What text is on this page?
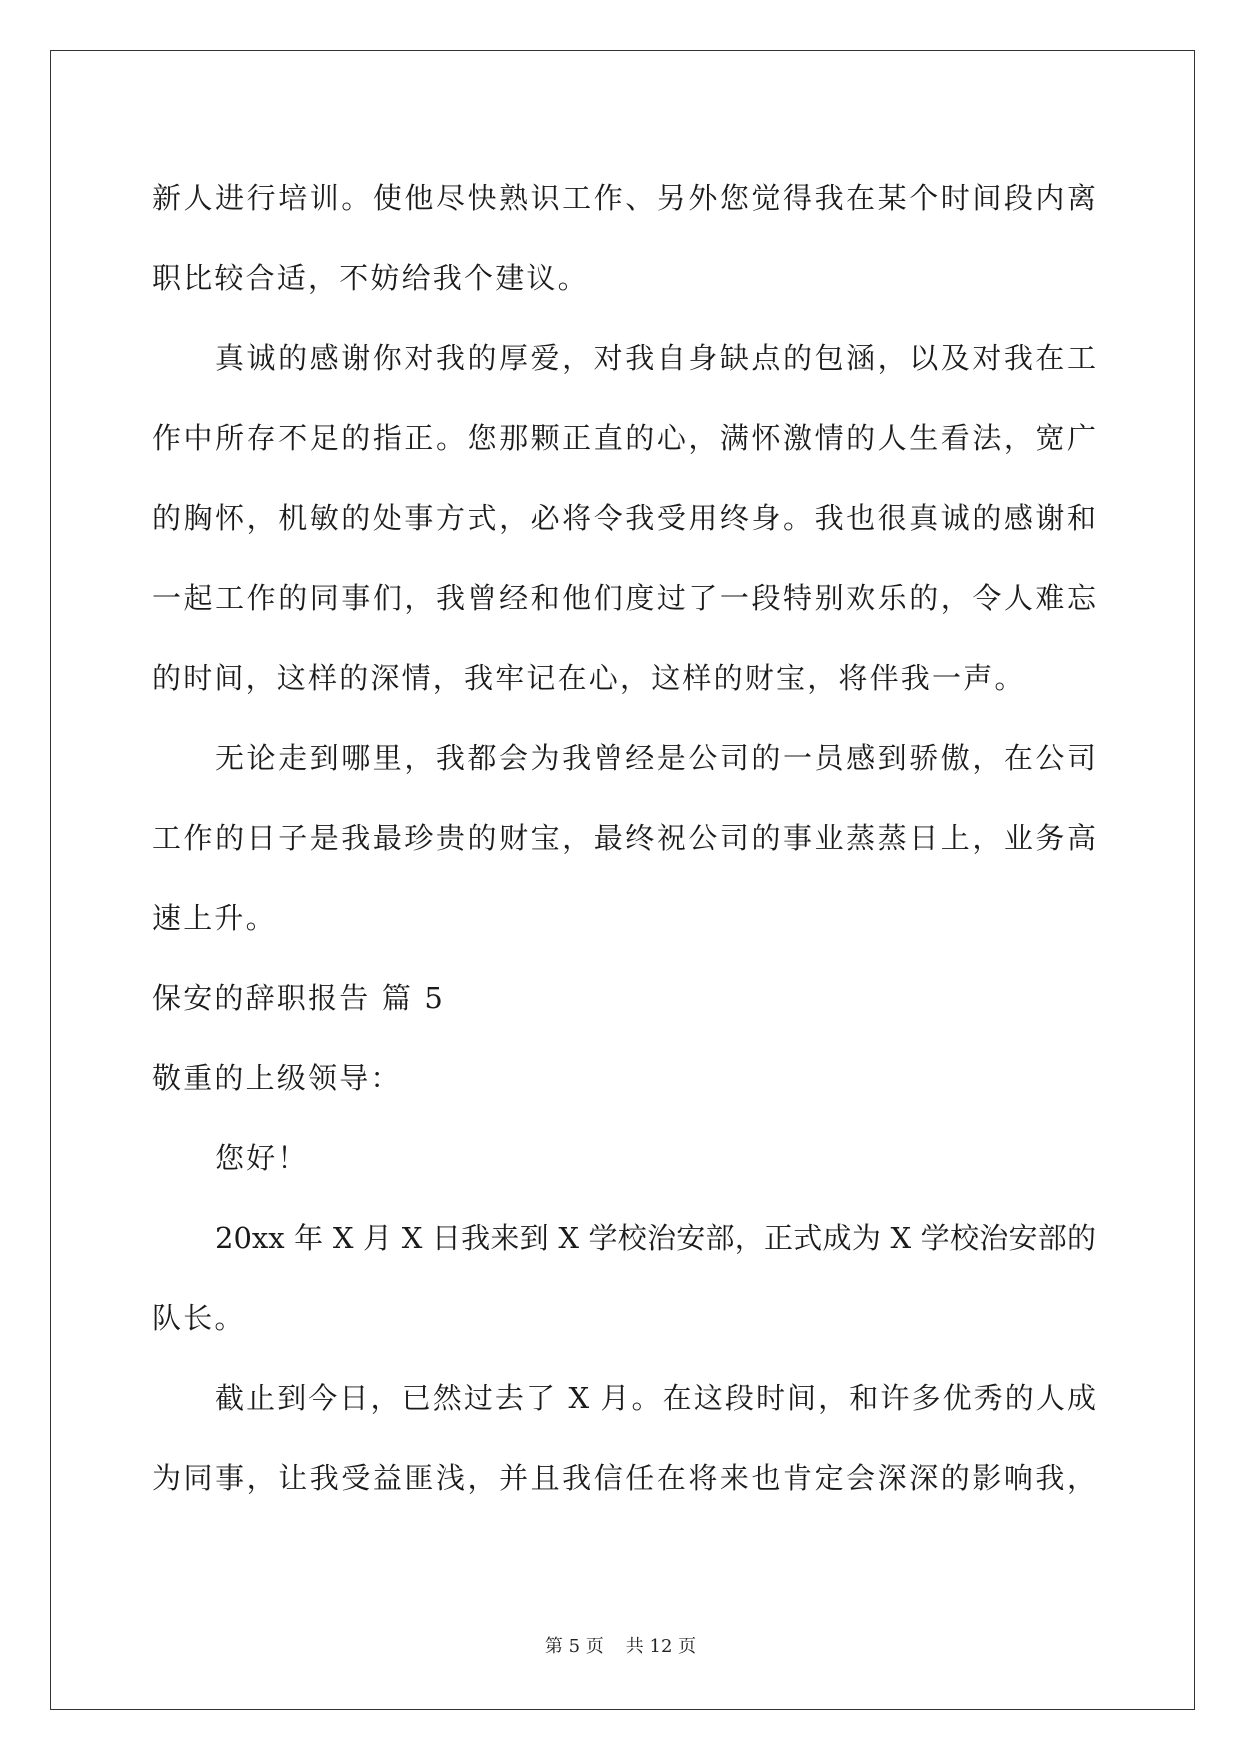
新人进行培训。使他尽快熟识工作、另外您觉得我在某个时间段内离
职比较合适，不妨给我个建议。
真诚的感谢你对我的厚爱，对我自身缺点的包涵，以及对我在工
作中所存不足的指正。您那颗正直的心，满怀激情的人生看法，宽广
的胸怀，机敏的处事方式，必将令我受用终身。我也很真诚的感谢和
一起工作的同事们，我曾经和他们度过了一段特别欢乐的，令人难忘
的时间，这样的深情，我牢记在心，这样的财宝，将伴我一声。
无论走到哪里，我都会为我曾经是公司的一员感到骄傲，在公司
工作的日子是我最珍贵的财宝，最终祝公司的事业蒸蒸日上，业务高
速上升。
保安的辞职报告 篇 5
敬重的上级领导：
您好！
20xx 年 X 月 X 日我来到 X 学校治安部，正式成为 X 学校治安部的
队长。
截止到今日，已然过去了 X 月。在这段时间，和许多优秀的人成
为同事，让我受益匪浅，并且我信任在将来也肯定会深深的影响我，
第 5 页 共 12 页
